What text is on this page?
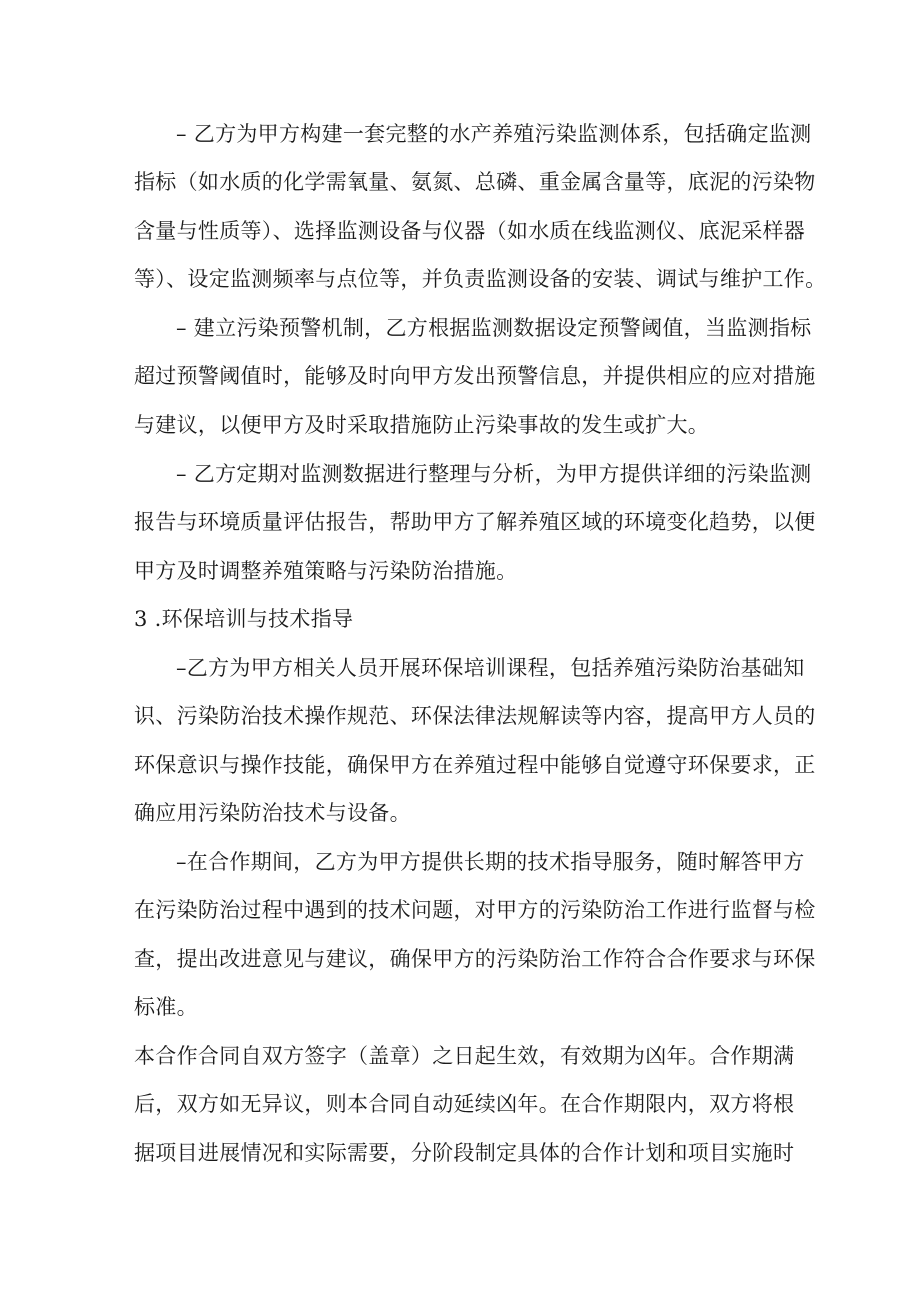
– 乙方为甲方构建一套完整的水产养殖污染监测体系，包括确定监测
指标（如水质的化学需氧量、氨氮、总磷、重金属含量等，底泥的污染物
含量与性质等）、选择监测设备与仪器（如水质在线监测仪、底泥采样器
等）、设定监测频率与点位等，并负责监测设备的安装、调试与维护工作。
– 建立污染预警机制，乙方根据监测数据设定预警阈值，当监测指标
超过预警阈值时，能够及时向甲方发出预警信息，并提供相应的应对措施
与建议，以便甲方及时采取措施防止污染事故的发生或扩大。
– 乙方定期对监测数据进行整理与分析，为甲方提供详细的污染监测
报告与环境质量评估报告，帮助甲方了解养殖区域的环境变化趋势，以便
甲方及时调整养殖策略与污染防治措施。
3 .环保培训与技术指导
–乙方为甲方相关人员开展环保培训课程，包括养殖污染防治基础知
识、污染防治技术操作规范、环保法律法规解读等内容，提高甲方人员的
环保意识与操作技能，确保甲方在养殖过程中能够自觉遵守环保要求，正
确应用污染防治技术与设备。
–在合作期间，乙方为甲方提供长期的技术指导服务，随时解答甲方
在污染防治过程中遇到的技术问题，对甲方的污染防治工作进行监督与检
查，提出改进意见与建议，确保甲方的污染防治工作符合合作要求与环保
标准。
本合作合同自双方签字（盖章）之日起生效，有效期为凶年。合作期满
后，双方如无异议，则本合同自动延续凶年。在合作期限内，双方将根
据项目进展情况和实际需要，分阶段制定具体的合作计划和项目实施时
